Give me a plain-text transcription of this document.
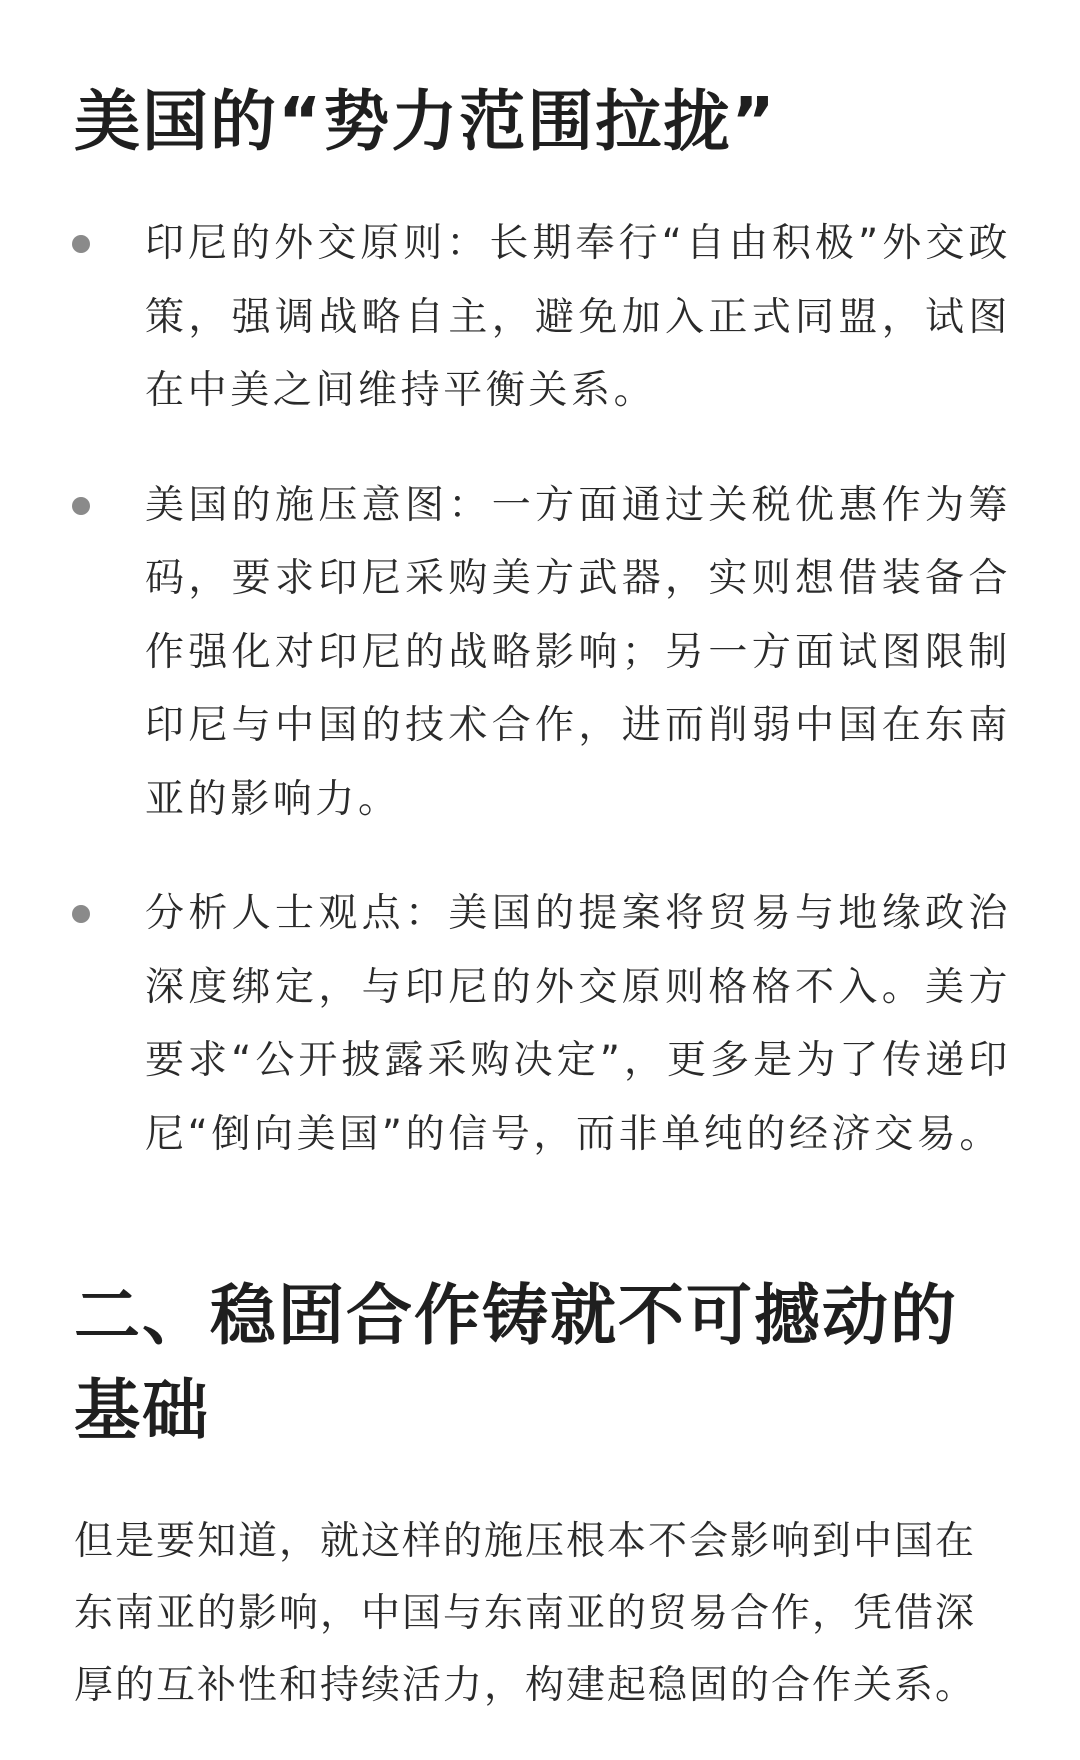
美国的“势力范围拉拢”
印尼的外交原则：长期奉行“自由积极”外交政策，强调战略自主，避免加入正式同盟，试图在中美之间维持平衡关系。
美国的施压意图：一方面通过关税优惠作为筹码，要求印尼采购美方武器，实则想借装备合作强化对印尼的战略影响；另一方面试图限制印尼与中国的技术合作，进而削弱中国在东南亚的影响力。
分析人士观点：美国的提案将贸易与地缘政治深度绑定，与印尼的外交原则格格不入。美方要求“公开披露采购决定”，更多是为了传递印尼“倒向美国”的信号，而非单纯的经济交易。
二、稳固合作铸就不可撼动的基础

但是要知道，就这样的施压根本不会影响到中国在东南亚的影响，中国与东南亚的贸易合作，凭借深厚的互补性和持续活力，构建起稳固的合作关系。
